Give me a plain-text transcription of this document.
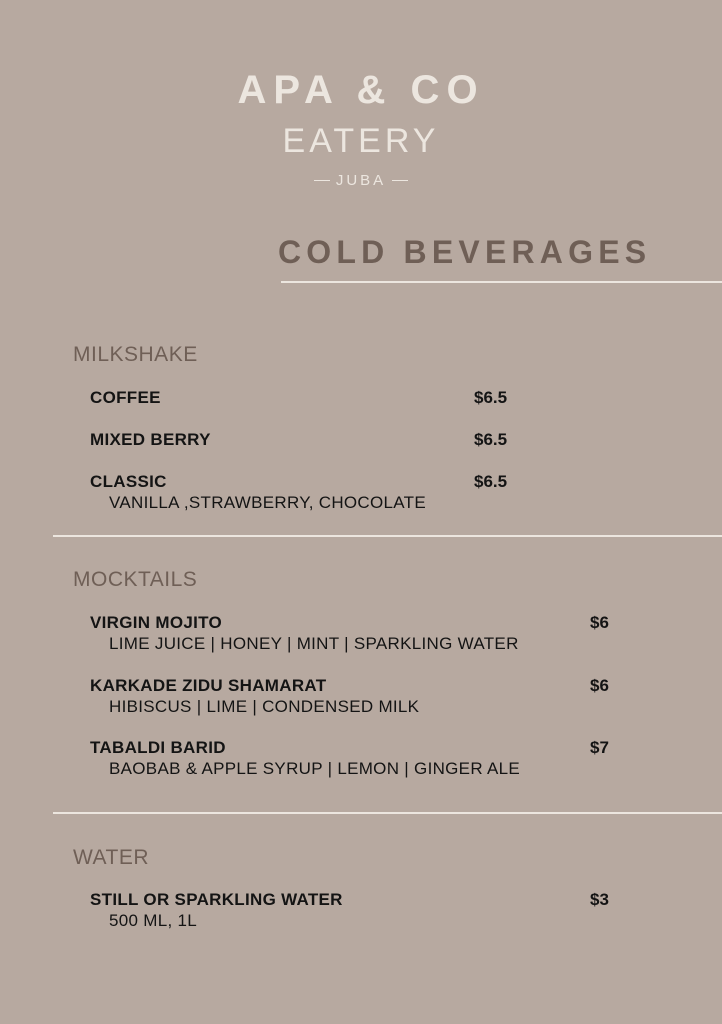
APA & CO
EATERY
JUBA
COLD BEVERAGES
MILKSHAKE
COFFEE	$6.5
MIXED BERRY	$6.5
CLASSIC
VANILLA ,STRAWBERRY, CHOCOLATE
$6.5
MOCKTAILS
VIRGIN MOJITO
LIME JUICE | HONEY | MINT | SPARKLING WATER
$6
KARKADE ZIDU SHAMARAT
HIBISCUS | LIME | CONDENSED MILK
$6
TABALDI BARID
BAOBAB & APPLE SYRUP | LEMON | GINGER ALE
$7
WATER
STILL OR SPARKLING WATER
500 ML, 1L
$3
